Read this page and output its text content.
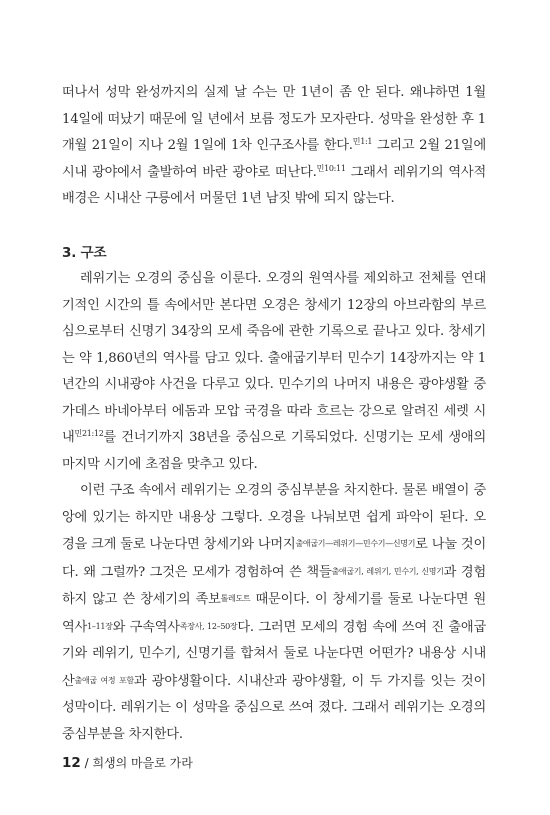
떠나서 성막 완성까지의 실제 날 수는 만 1년이 좀 안 된다. 왜냐하면 1월 14일에 떠났기 때문에 일 년에서 보름 정도가 모자란다. 성막을 완성한 후 1개월 21일이 지나 2월 1일에 1차 인구조사를 한다.$^{민1:1}$ 그리고 2월 21일에 시내 광야에서 출발하여 바란 광야로 떠난다.$^{민10:11}$ 그래서 레위기의 역사적 배경은 시내산 구릉에서 머물던 1년 남짓 밖에 되지 않는다.

3. 구조

레위기는 오경의 중심을 이룬다. 오경의 원역사를 제외하고 전체를 연대기적인 시간의 틀 속에서만 본다면 오경은 창세기 12장의 아브라함의 부르심으로부터 신명기 34장의 모세 죽음에 관한 기록으로 끝나고 있다. 창세기는 약 1,860년의 역사를 담고 있다. 출애굽기부터 민수기 14장까지는 약 1년간의 시내광야 사건을 다루고 있다. 민수기의 나머지 내용은 광야생활 중 가데스 바네아부터 에돔과 모압 국경을 따라 흐르는 강으로 알려진 세렛 시내$^{민21:12}$를 건너기까지 38년을 중심으로 기록되었다. 신명기는 모세 생애의 마지막 시기에 초점을 맞추고 있다.

이런 구조 속에서 레위기는 오경의 중심부분을 차지한다. 물론 배열이 중앙에 있기는 하지만 내용상 그렇다. 오경을 나눠보면 쉽게 파악이 된다. 오경을 크게 둘로 나눈다면 창세기와 나머지출애굽기—레위기—민수기—신명기로 나눌 것이다. 왜 그럴까? 그것은 모세가 경험하여 쓴 책들출애굽기, 레위기, 민수기, 신명기과 경험하지 않고 쓴 창세기의 족보톨레도트 때문이다. 이 창세기를 둘로 나눈다면 원역사1–11장와 구속역사족장사, 12–50장다. 그러면 모세의 경험 속에 쓰여 진 출애굽기와 레위기, 민수기, 신명기를 합쳐서 둘로 나눈다면 어떤가? 내용상 시내산출애굽 여정 포함과 광야생활이다. 시내산과 광야생활, 이 두 가지를 잇는 것이 성막이다. 레위기는 이 성막을 중심으로 쓰여 졌다. 그래서 레위기는 오경의 중심부분을 차지한다.

12 / 희생의 마을로 가라
